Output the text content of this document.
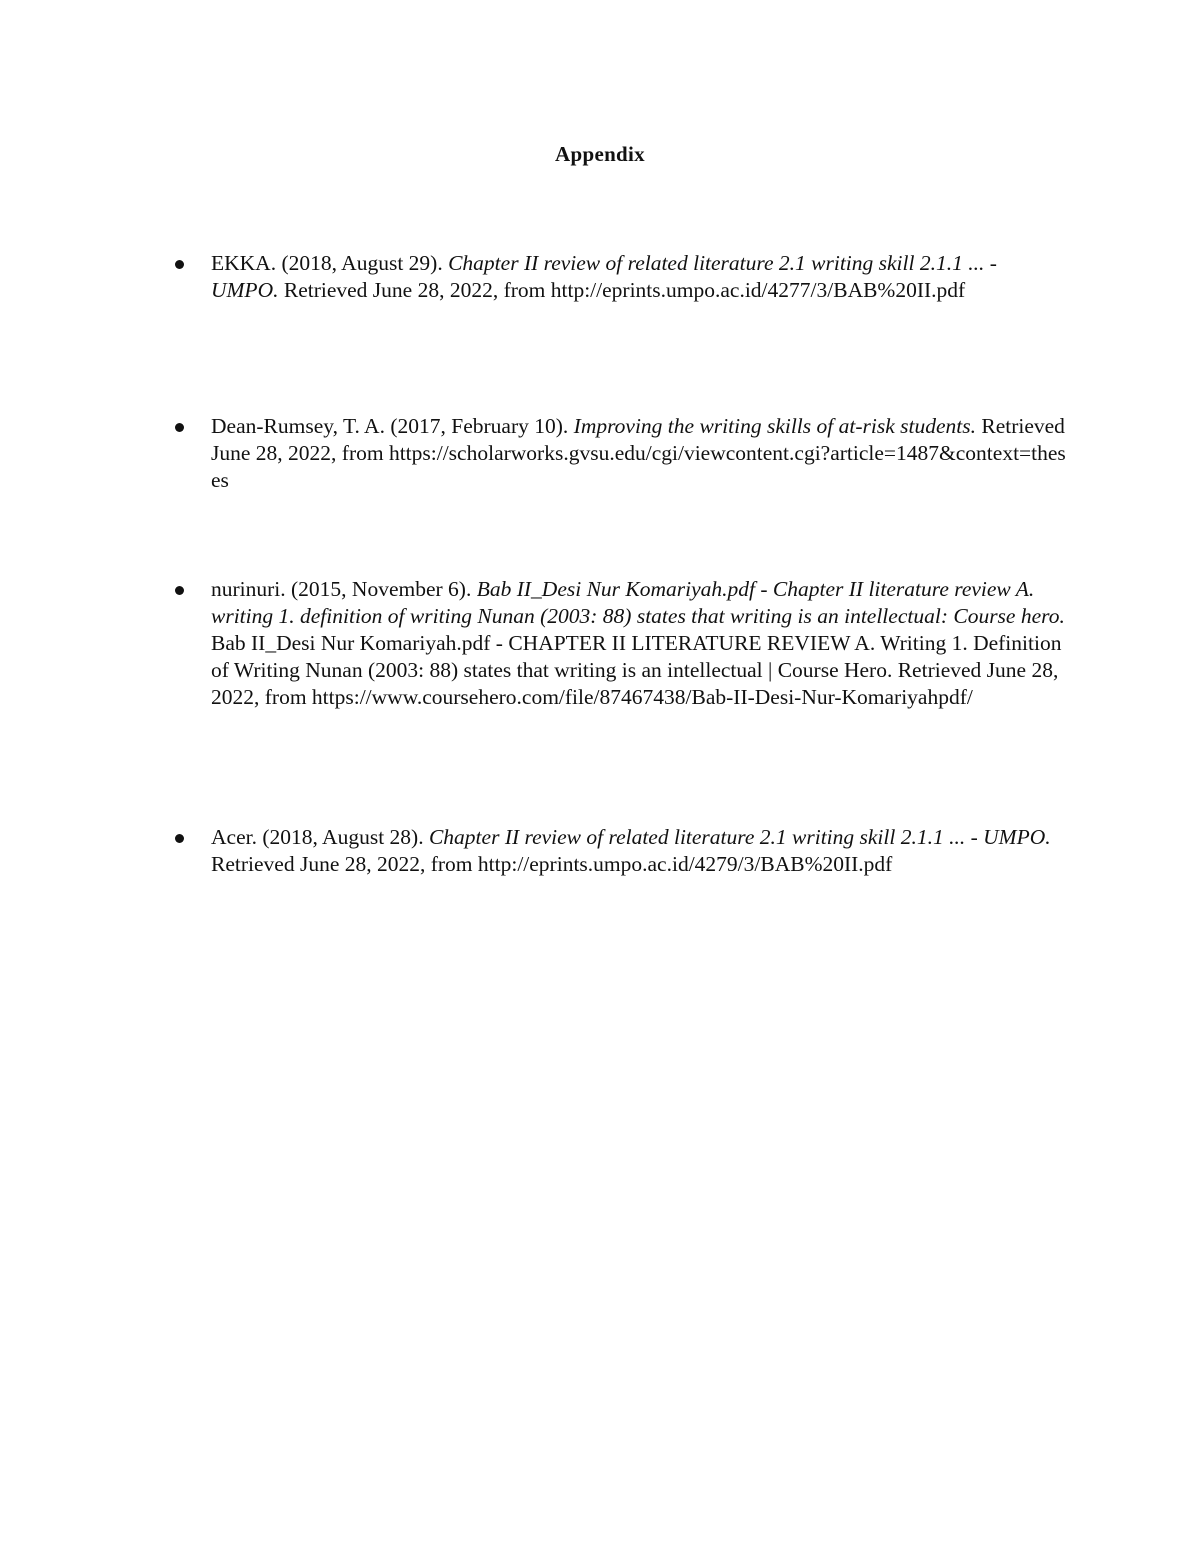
Appendix
EKKA. (2018, August 29). Chapter II review of related literature 2.1 writing skill 2.1.1 ... - UMPO. Retrieved June 28, 2022, from http://eprints.umpo.ac.id/4277/3/BAB%20II.pdf
Dean-Rumsey, T. A. (2017, February 10). Improving the writing skills of at-risk students. Retrieved June 28, 2022, from https://scholarworks.gvsu.edu/cgi/viewcontent.cgi?article=1487&context=theses
nurinuri. (2015, November 6). Bab II_Desi Nur Komariyah.pdf - Chapter II literature review A. writing 1. definition of writing Nunan (2003: 88) states that writing is an intellectual: Course hero. Bab II_Desi Nur Komariyah.pdf - CHAPTER II LITERATURE REVIEW A. Writing 1. Definition of Writing Nunan (2003: 88) states that writing is an intellectual | Course Hero. Retrieved June 28, 2022, from https://www.coursehero.com/file/87467438/Bab-II-Desi-Nur-Komariyahpdf/
Acer. (2018, August 28). Chapter II review of related literature 2.1 writing skill 2.1.1 ... - UMPO. Retrieved June 28, 2022, from http://eprints.umpo.ac.id/4279/3/BAB%20II.pdf
